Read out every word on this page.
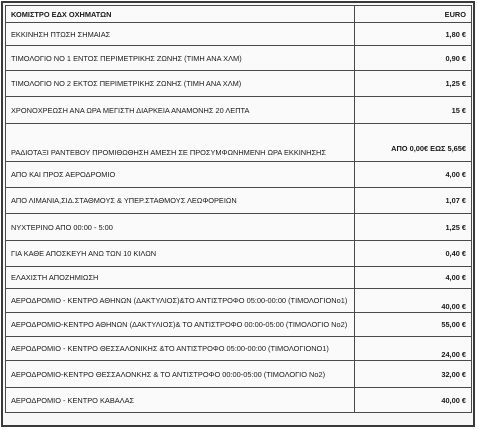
ΚΟΜΙΣΤΡΟ ΕΔΧ ΟΧΗΜΑΤΩΝ	EURO
ΕΚΚΙΝΗΣΗ ΠΤΩΣΗ ΣΗΜΑΙΑΣ	1,80 €
ΤΙΜΟΛΟΓΙΟ ΝΟ 1 ΕΝΤΟΣ ΠΕΡΙΜΕΤΡΙΚΗΣ ΖΩΝΗΣ (ΤΙΜΗ ΑΝΑ ΧΛΜ)	0,90 €
ΤΙΜΟΛΟΓΙΟ ΝΟ 2 ΕΚΤΟΣ ΠΕΡΙΜΕΤΡΙΚΗΣ ΖΩΝΗΣ (ΤΙΜΗ ΑΝΑ ΧΛΜ)	1,25 €
ΧΡΟΝΟΧΡΕΩΣΗ ΑΝΑ ΩΡΑ ΜΕΓΙΣΤΗ ΔΙΑΡΚΕΙΑ ΑΝΑΜΟΝΗΣ 20 ΛΕΠΤΑ	15 €
ΡΑΔΙΟΤΑΞΙ ΡΑΝΤΕΒΟΥ ΠΡΟΜΙΘΩΘΗΣΗ ΑΜΕΣΗ ΣΕ ΠΡΟΣΥΜΦΩΝΗΜΕΝΗ ΩΡΑ ΕΚΚΙΝΗΣΗΣ	ΑΠΟ 0,00€ ΕΩΣ 5,65€
ΑΠΟ ΚΑΙ ΠΡΟΣ ΑΕΡΟΔΡΟΜΙΟ	4,00 €
ΑΠΟ ΛΙΜΑΝΙΑ,ΣΙΔ.ΣΤΑΘΜΟΥΣ & ΥΠΕΡ.ΣΤΑΘΜΟΥΣ ΛΕΩΦΟΡΕΙΩΝ	1,07 €
ΝΥΧΤΕΡΙΝΟ ΑΠΟ 00:00 - 5:00	1,25 €
ΓΙΑ ΚΑΘΕ ΑΠΟΣΚΕΥΗ ΑΝΩ ΤΩΝ 10 ΚΙΛΩΝ	0,40 €
ΕΛΑΧΙΣΤΗ ΑΠΟΖΗΜΙΩΣΗ	4,00 €
ΑΕΡΟΔΡΟΜΙΟ - ΚΕΝΤΡΟ ΑΘΗΝΩΝ (ΔΑΚΤΥΛΙΟΣ)&ΤΟ ΑΝΤΙΣΤΡΟΦΟ 05:00-00:00 (ΤΙΜΟΛΟΓΙΟΝο1)	40,00 €
ΑΕΡΟΔΡΟΜΙΟ-ΚΕΝΤΡΟ ΑΘΗΝΩΝ (ΔΑΚΤΥΛΙΟΣ)& ΤΟ ΑΝΤΙΣΤΡΟΦΟ 00:00-05:00 (ΤΙΜΟΛΟΓΙΟ Νο2)	55,00 €
ΑΕΡΟΔΡΟΜΙΟ - ΚΕΝΤΡΟ ΘΕΣΣΑΛΟΝΙΚΗΣ &ΤΟ ΑΝΤΙΣΤΡΟΦΟ 05:00-00:00 (ΤΙΜΟΛΟΓΙΟΝΟ1)	24,00 €
ΑΕΡΟΔΡΟΜΙΟ-ΚΕΝΤΡΟ ΘΕΣΣΑΛΟΝΚΗΣ & ΤΟ ΑΝΤΙΣΤΡΟΦΟ 00:00-05:00 (ΤΙΜΟΛΟΓΙΟ Νο2)	32,00 €
ΑΕΡΟΔΡΟΜΙΟ - ΚΕΝΤΡΟ ΚΑΒΑΛΑΣ	40,00 €
